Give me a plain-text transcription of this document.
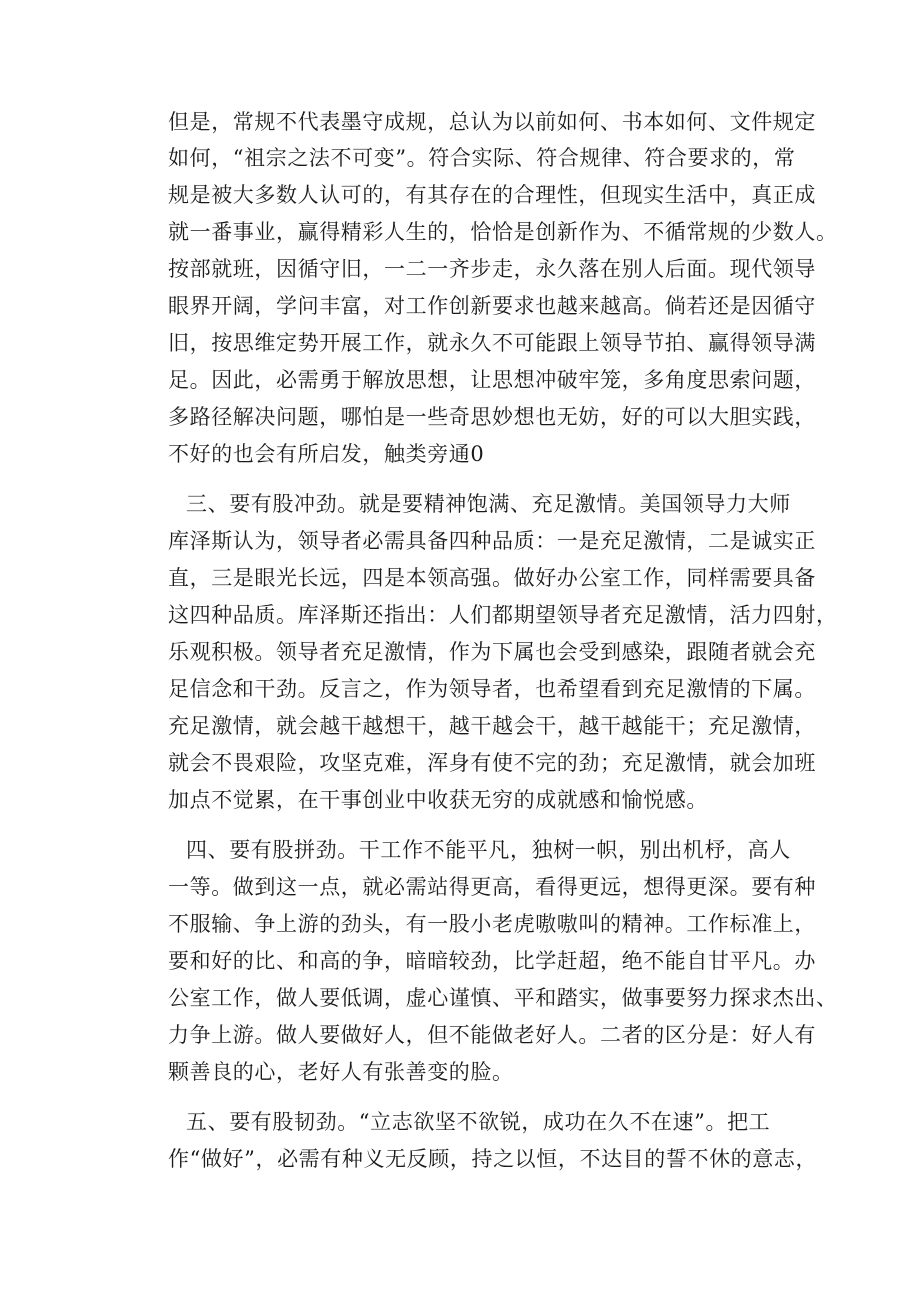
但是，常规不代表墨守成规，总认为以前如何、书本如何、文件规定
如何，“祖宗之法不可变”。符合实际、符合规律、符合要求的，常
规是被大多数人认可的，有其存在的合理性，但现实生活中，真正成
就一番事业，赢得精彩人生的，恰恰是创新作为、不循常规的少数人。
按部就班，因循守旧，一二一齐步走，永久落在别人后面。现代领导
眼界开阔，学问丰富，对工作创新要求也越来越高。倘若还是因循守
旧，按思维定势开展工作，就永久不可能跟上领导节拍、赢得领导满
足。因此，必需勇于解放思想，让思想冲破牢笼，多角度思索问题，
多路径解决问题，哪怕是一些奇思妙想也无妨，好的可以大胆实践，
不好的也会有所启发，触类旁通0
三、要有股冲劲。就是要精神饱满、充足激情。美国领导力大师
库泽斯认为，领导者必需具备四种品质：一是充足激情，二是诚实正
直，三是眼光长远，四是本领高强。做好办公室工作，同样需要具备
这四种品质。库泽斯还指出：人们都期望领导者充足激情，活力四射，
乐观积极。领导者充足激情，作为下属也会受到感染，跟随者就会充
足信念和干劲。反言之，作为领导者，也希望看到充足激情的下属。
充足激情，就会越干越想干，越干越会干，越干越能干；充足激情，
就会不畏艰险，攻坚克难，浑身有使不完的劲；充足激情，就会加班
加点不觉累，在干事创业中收获无穷的成就感和愉悦感。
四、要有股拼劲。干工作不能平凡，独树一帜，别出机杼，高人
一等。做到这一点，就必需站得更高，看得更远，想得更深。要有种
不服输、争上游的劲头，有一股小老虎嗷嗷叫的精神。工作标准上，
要和好的比、和高的争，暗暗较劲，比学赶超，绝不能自甘平凡。办
公室工作，做人要低调，虚心谨慎、平和踏实，做事要努力探求杰出、
力争上游。做人要做好人，但不能做老好人。二者的区分是：好人有
颗善良的心，老好人有张善变的脸。
五、要有股韧劲。“立志欲坚不欲锐，成功在久不在速”。把工
作“做好”，必需有种义无反顾，持之以恒，不达目的誓不休的意志，
